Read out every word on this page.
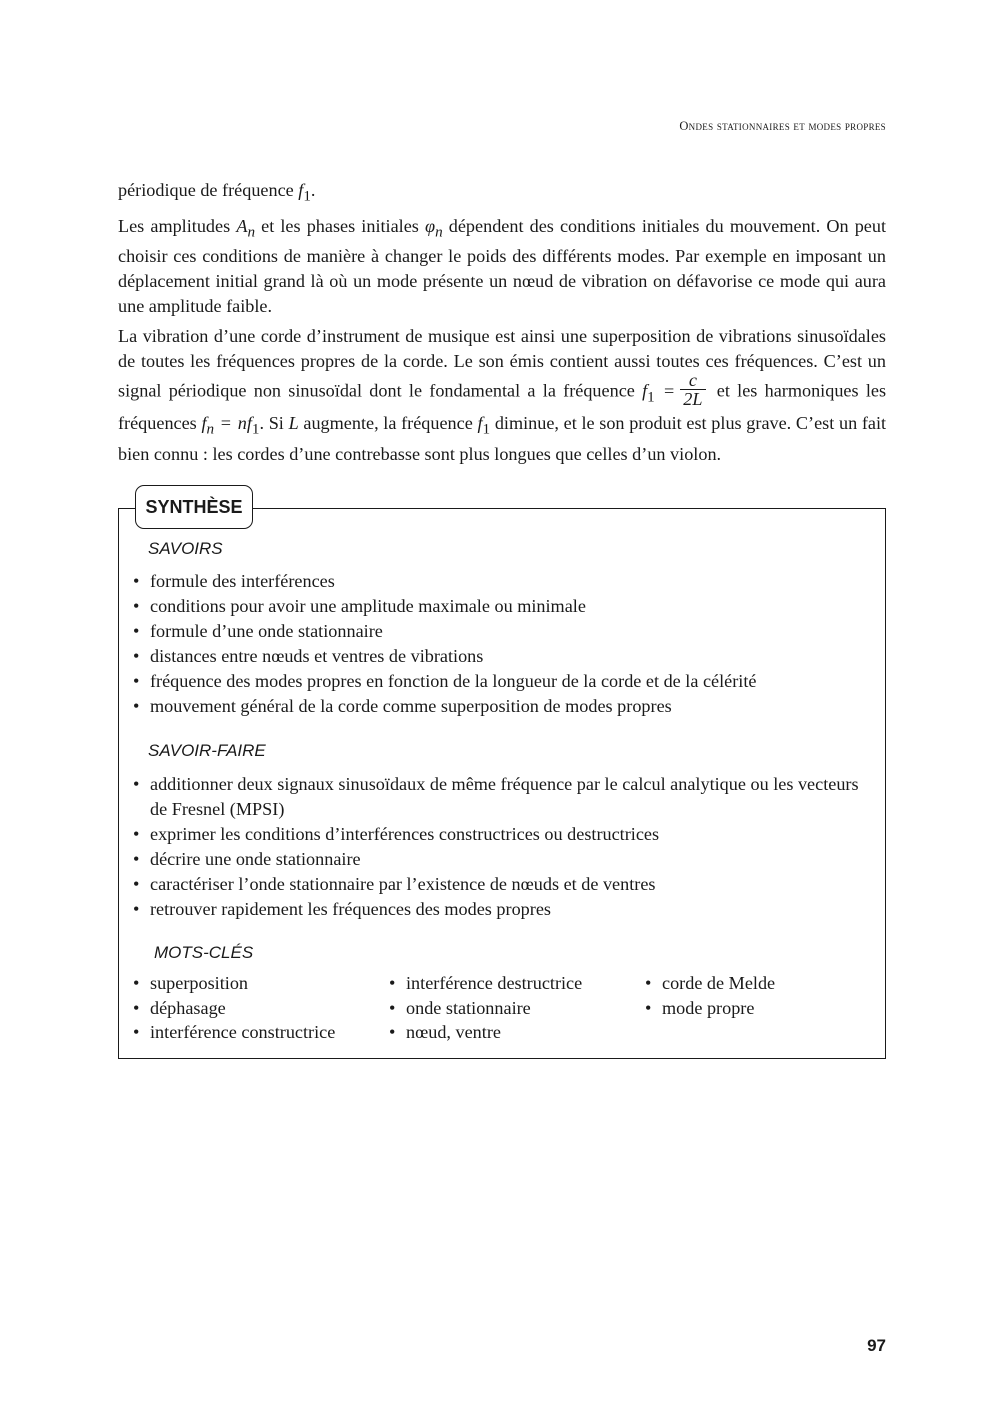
Ondes stationnaires et modes propres

périodique de fréquence $f_1$.

Les amplitudes $A_n$ et les phases initiales $\varphi_n$ dépendent des conditions initiales du mouvement. On peut choisir ces conditions de manière à changer le poids des différents modes. Par exemple en imposant un déplacement initial grand là où un mode présente un nœud de vibration on défavorise ce mode qui aura une amplitude faible.

La vibration d’une corde d’instrument de musique est ainsi une superposition de vibrations sinusoïdales de toutes les fréquences propres de la corde. Le son émis contient aussi toutes ces fréquences. C’est un signal périodique non sinusoïdal dont le fondamental a la fréquence $f_1 = \frac{c}{2L}$ et les harmoniques les fréquences $f_n = nf_1$. Si L augmente, la fréquence $f_1$ diminue, et le son produit est plus grave. C’est un fait bien connu : les cordes d’une contrebasse sont plus longues que celles d’un violon.

SYNTHÈSE
SAVOIRS
• formule des interférences
• conditions pour avoir une amplitude maximale ou minimale
• formule d’une onde stationnaire
• distances entre nœuds et ventres de vibrations
• fréquence des modes propres en fonction de la longueur de la corde et de la célérité
• mouvement général de la corde comme superposition de modes propres
SAVOIR-FAIRE
• additionner deux signaux sinusoïdaux de même fréquence par le calcul analytique ou les vecteurs de Fresnel (MPSI)
• exprimer les conditions d’interférences constructrices ou destructrices
• décrire une onde stationnaire
• caractériser l’onde stationnaire par l’existence de nœuds et de ventres
• retrouver rapidement les fréquences des modes propres
MOTS-CLÉS
• superposition
• déphasage
• interférence constructrice
• interférence destructrice
• onde stationnaire
• nœud, ventre
• corde de Melde
• mode propre
97
